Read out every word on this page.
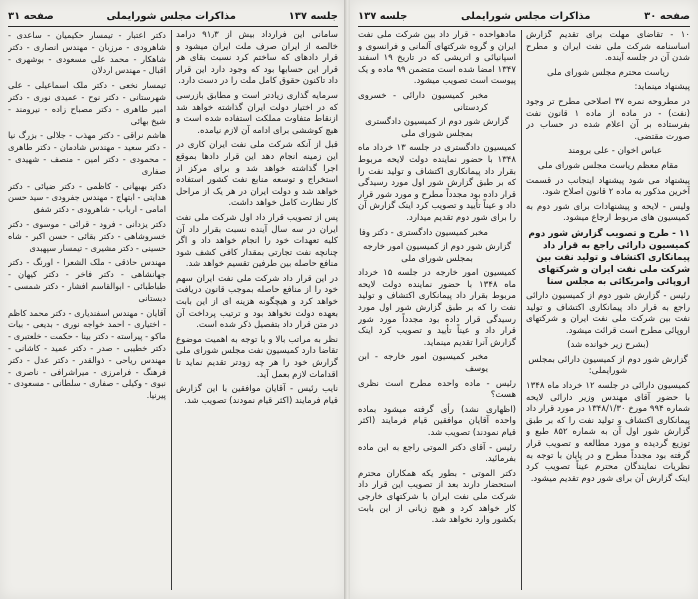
جلسه ۱۳۷
مذاکرات مجلس شورایملی
صفحه ۳۱

سامانی این فرارداد بیش از ۹۱٫۳ درآمد خالصه از ایران صرف ملت ایران میشود و قرار دادهای که ساختم کرد نسبت بقای هر قرار این حسابها بود که وجود دارد این قرار داد تاکنون حقوق کامل ملت را در دست دارد.

سرمایه گذاری زیادتر است و مطابق بازرسی که در اختیار دولت ایران گذاشته خواهد شد ازنقاط متفاوت مملکت استفاده شده است و هیچ کوششی برای ادامه آن لازم نیامده.

قبل از آنکه شرکت ملی نفت ایران کاری در این زمینه انجام دهد این قرار دادها بموقع اجرا گذاشته خواهد شد و برای مرکز از استخراج و توسعه منابع نفت کشور استفاده خواهد شد و دولت ایران در هر یک از مراحل کار نظارت کامل خواهد داشت.

پس از تصویب قرار داد اول شرکت ملی نفت ایران در سه سال آینده نسبت بقرار داد آن کلیه تعهدات خود را انجام خواهد داد و اگر چنانچه نفت تجارتی بمقدار کافی کشف شود منافع حاصله بین طرفین تقسیم خواهد شد.

در این قرار داد شرکت ملی نفت ایران سهم خود را از منافع حاصله بموجب قانون دریافت خواهد کرد و هیچگونه هزینه ای از این بابت بعهده دولت نخواهد بود و ترتیب پرداخت آن در متن قرار داد بتفصیل ذکر شده است.

نظر به مراتب بالا و با توجه به اهمیت موضوع تقاضا دارد کمیسیون نفت مجلس شورای ملی گزارش خود را هر چه زودتر تقدیم نماید تا اقدامات لازم بعمل آید.

نایب رئیس - آقایان موافقین با این گزارش قیام فرمایند (اکثر قیام نمودند) تصویب شد.

دکتر اعتبار - تیمسار حکیمیان - ساعدی - شاهرودی - مرزبان - مهندس انصاری - دکتر شاهکار - محمد علی مسعودی - بوشهری - اقبال - مهندس اردلان

تیمسار نخعی - دکتر ملک اسماعیلی - علی شهرستانی - دکتر نوح - عمیدی نوری - دکتر امیر طاهری - دکتر مصباح زاده - نیرومند - شیخ بهائی

هاشم نراقی - دکتر مهذب - جلالی - بزرگ نیا - دکتر سعید - مهندس شادمان - دکتر طاهری - محمودی - دکتر امین - منصف - شهیدی - صفاری

دکتر بهبهانی - کاظمی - دکتر ضیائی - دکتر هدایتی - ابتهاج - مهندس جفرودی - سید حسن امامی - ارباب - شاهرودی - دکتر شفق

دکتر یزدانی - فرود - قرائی - موسوی - دکتر خسروشاهی - دکتر بقائی - حسن اکبر - شاه حسینی - دکتر مشیری - تیمسار سپهبدی

مهندس حاذقی - ملک الشعرا - اورنگ - دکتر جهانشاهی - دکتر فاخر - دکتر کیهان - طباطبائی - ابوالقاسم افشار - دکتر شمسی - دبستانی

آقایان - مهندس اسفندیاری - دکتر محمد کاظم - اختیاری - احمد خواجه نوری - بدیعی - بیات ماکو - پیراسته - دکتر بینا - حکمت - خلعتبری - دکتر خطیبی - صدر - دکتر عمید - کاشانی - مهندس ریاحی - ذوالقدر - دکتر عدل - دکتر فرهنگ - فرامرزی - میراشرافی - ناصری - نبوی - وکیلی - صفاری - سلطانی - مسعودی - پیرنیا.

صفحه ۳۰
مذاکرات مجلس شورایملی
جلسه ۱۳۷

۱۰ - تقاضای مهلت برای تقدیم گزارش اساسنامه شرکت ملی نفت ایران و مطرح شدن آن در جلسه آینده.

ریاست محترم مجلس شورای ملی

پیشنهاد مینماید:

در مطروحه نمره ۳۷ اصلاحی مطرح تر وجود (نفت) - در ماده از ماده ۱ قانون نفت بفرستاده بر آن اعلام شده در حساب در صورت مقتضی.

عباس اخوان - علی برومند

مقام معظم ریاست مجلس شورای ملی

پیشنهاد می شود پیشنهاد اینجانب در قسمت آخرین مذکور به ماده ۲ قانون اصلاح شود.

ولیس - لایحه و پیشنهادات برای شور دوم به کمیسیون های مربوط ارجاع میشود.

۱۱ - طرح و تصویب گزارش شور دوم کمیسیون دارائی راجع به قرار داد پیمانکاری اکتشاف و تولید نفت بین شرکت ملی نفت ایران و شرکتهای اروپائی وامریکائی به مجلس سنا

رئیس - گزارش شور دوم از کمیسیون دارائی راجع به قرار داد پیمانکاری اکتشاف و تولید نفت بین شرکت ملی نفت ایران و شرکتهای اروپائی مطرح است قرائت میشود.

(بشرح زیر خوانده شد)

گزارش شور دوم از کمیسیون دارائی بمجلس شورایملی:

کمیسیون دارائی در جلسه ۱۲ خرداد ماه ۱۳۴۸ با حضور آقای مهندس وزیر دارائی لایحه شماره ۹۹۴ مورخ ۱۳۴۸/۱/۳۰ در مورد قرار داد پیمانکاری اکتشاف و تولید نفت را که بر طبق گزارش شور اول آن به شماره ۸۵۲ طبع و توزیع گردیده و مورد مطالعه و تصویب قرار گرفته بود مجدداً مطرح و در پایان با توجه به نظریات نمایندگان محترم عیناً تصویب کرد اینک گزارش آن برای شور دوم تقدیم میشود.

مادهواحده - قرار داد بین شرکت ملی نفت ایران و گروه شرکتهای آلمانی و فرانسوی و اسپانیائی و اتریشی که در تاریخ ۱۹ اسفند ۱۳۴۷ امضا شده است متضمن ۹۹ ماده و یک پیوست است تصویب میشود.

مخبر کمیسیون دارائی - خسروی کردستانی

گزارش شور دوم از کمیسیون دادگستری بمجلس شورای ملی

کمیسیون دادگستری در جلسه ۱۳ خرداد ماه ۱۳۴۸ با حضور نماینده دولت لایحه مربوط بقرار داد پیمانکاری اکتشاف و تولید نفت را که بر طبق گزارش شور اول مورد رسیدگی قرار داده بود مجدداً مطرح و مورد شور قرار داد و عیناً تأیید و تصویب کرد اینک گزارش آن را برای شور دوم تقدیم میدارد.

مخبر کمیسیون دادگستری - دکتر وفا

گزارش شور دوم از کمیسیون امور خارجه بمجلس شورای ملی

کمیسیون امور خارجه در جلسه ۱۵ خرداد ماه ۱۳۴۸ با حضور نماینده دولت لایحه مربوط بقرار داد پیمانکاری اکتشاف و تولید نفت را که بر طبق گزارش شور اول مورد رسیدگی قرار داده بود مجدداً مورد شور قرار داد و عیناً تأیید و تصویب کرد اینک گزارش آنرا تقدیم مینماید.

مخبر کمیسیون امور خارجه - ابن یوسف

رئیس - ماده واحده مطرح است نظری هست؟

(اظهاری نشد) رأی گرفته میشود بماده واحده آقایان موافقین قیام فرمایند (اکثر قیام نمودند) تصویب شد.

رئیس - آقای دکتر الموتی راجع به این ماده بفرمائید.

دکتر الموتی - بطور یکه همکاران محترم استحضار دارند بعد از تصویب این قرار داد شرکت ملی نفت ایران با شرکتهای خارجی کار خواهد کرد و هیچ زیانی از این بابت بکشور وارد نخواهد شد.
